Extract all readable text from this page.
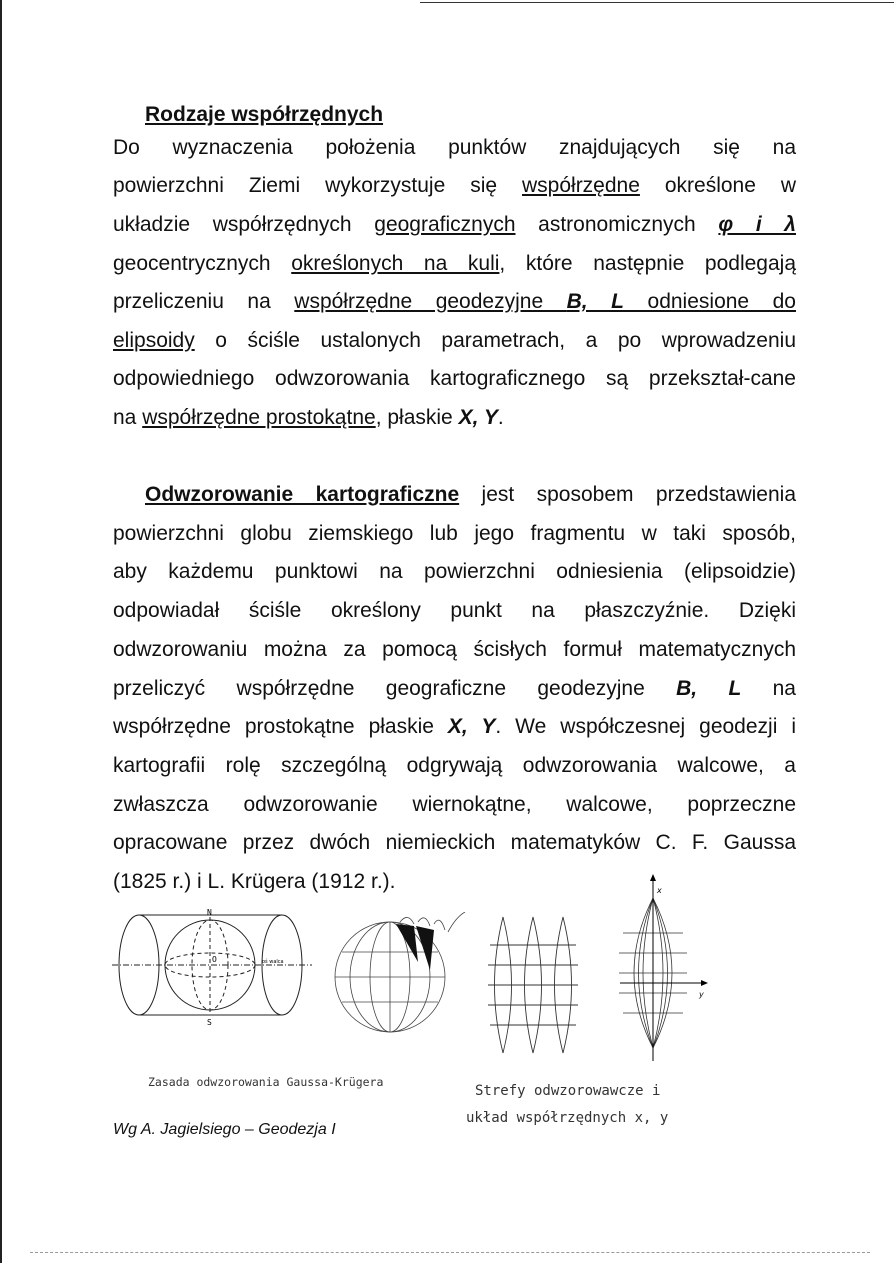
Rodzaje współrzędnych
Do wyznaczenia położenia punktów znajdujących się na
powierzchni Ziemi wykorzystuje się współrzędne określone w
układzie współrzędnych geograficznych astronomicznych φ i λ
geocentrycznych określonych na kuli, które następnie podlegają
przeliczeniu na współrzędne geodezyjne B, L odniesione do
elipsoidy o ściśle ustalonych parametrach, a po wprowadzeniu
odpowiedniego odwzorowania kartograficznego są przekształ-cane
na współrzędne prostokątne, płaskie X, Y.
Odwzorowanie kartograficzne jest sposobem przedstawienia
powierzchni globu ziemskiego lub jego fragmentu w taki sposób,
aby każdemu punktowi na powierzchni odniesienia (elipsoidzie)
odpowiadał ściśle określony punkt na płaszczyźnie. Dzięki
odwzorowaniu można za pomocą ścisłych formuł matematycznych
przeliczyć współrzędne geograficzne geodezyjne B, L na
współrzędne prostokątne płaskie X, Y. We współczesnej geodezji i
kartografii rolę szczególną odgrywają odwzorowania walcowe, a
zwłaszcza odwzorowanie wiernokątne, walcowe, poprzeczne
opracowane przez dwóch niemieckich matematyków C. F. Gaussa
(1825 r.) i L. Krügera (1912 r.).
N
S
O	oś walca
x
y
Zasada odwzorowania Gaussa-Krügera
Wg A. Jagielsiego – Geodezja I
Strefy odwzorowawcze i
układ współrzędnych x, y
